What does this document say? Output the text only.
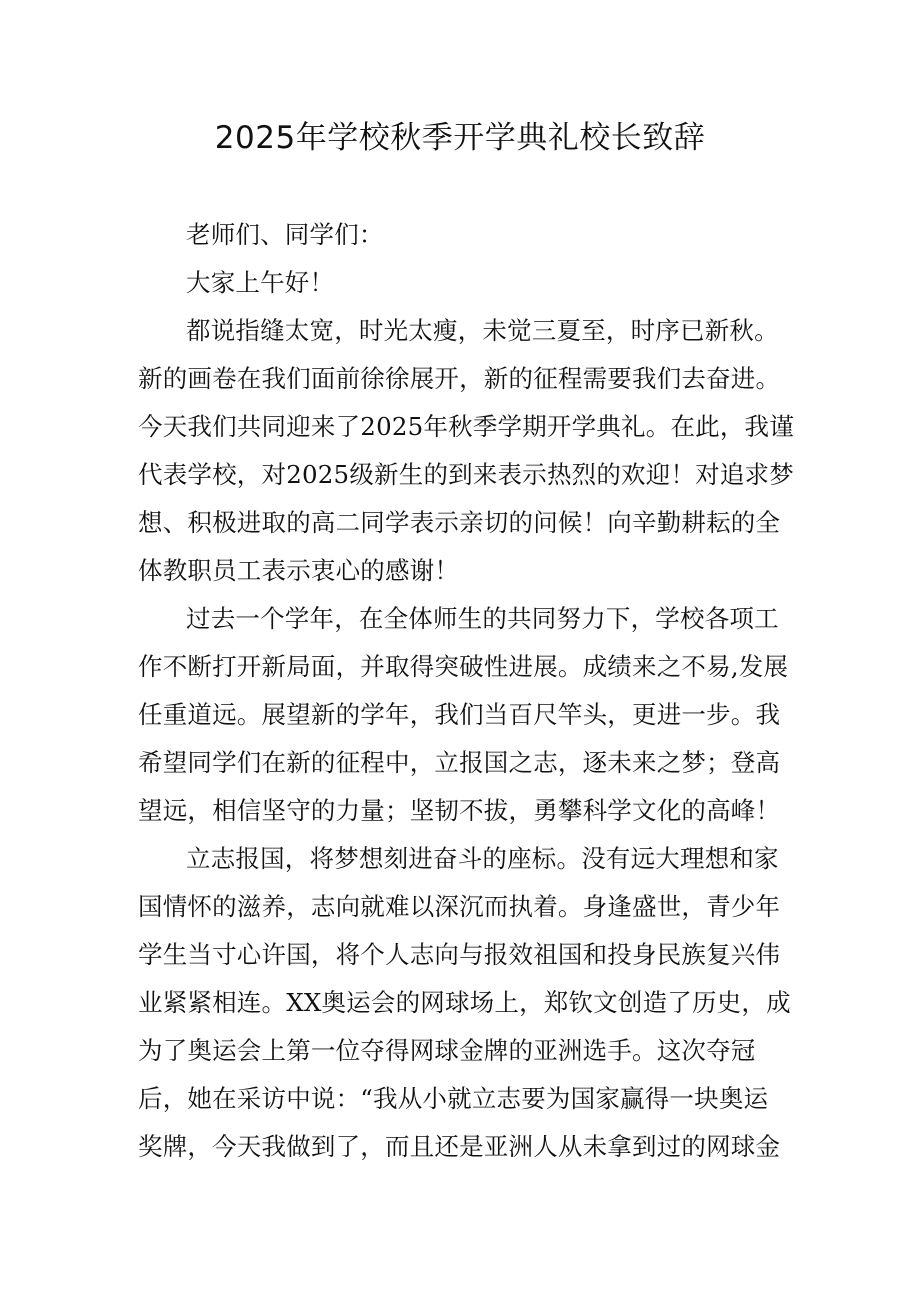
2025年学校秋季开学典礼校长致辞
老师们、同学们：
大家上午好！
都说指缝太宽，时光太瘦，未觉三夏至，时序已新秋。
新的画卷在我们面前徐徐展开，新的征程需要我们去奋进。
今天我们共同迎来了2025年秋季学期开学典礼。在此，我谨
代表学校，对2025级新生的到来表示热烈的欢迎！对追求梦
想、积极进取的高二同学表示亲切的问候！向辛勤耕耘的全
体教职员工表示衷心的感谢！
过去一个学年，在全体师生的共同努力下，学校各项工
作不断打开新局面，并取得突破性进展。成绩来之不易,发展
任重道远。展望新的学年，我们当百尺竿头，更进一步。我
希望同学们在新的征程中，立报国之志，逐未来之梦；登高
望远，相信坚守的力量；坚韧不拔，勇攀科学文化的高峰！
立志报国，将梦想刻进奋斗的座标。没有远大理想和家
国情怀的滋养，志向就难以深沉而执着。身逢盛世，青少年
学生当寸心许国，将个人志向与报效祖国和投身民族复兴伟
业紧紧相连。XX奥运会的网球场上，郑钦文创造了历史，成
为了奥运会上第一位夺得网球金牌的亚洲选手。这次夺冠
后，她在采访中说：“我从小就立志要为国家赢得一块奥运
奖牌，今天我做到了，而且还是亚洲人从未拿到过的网球金
